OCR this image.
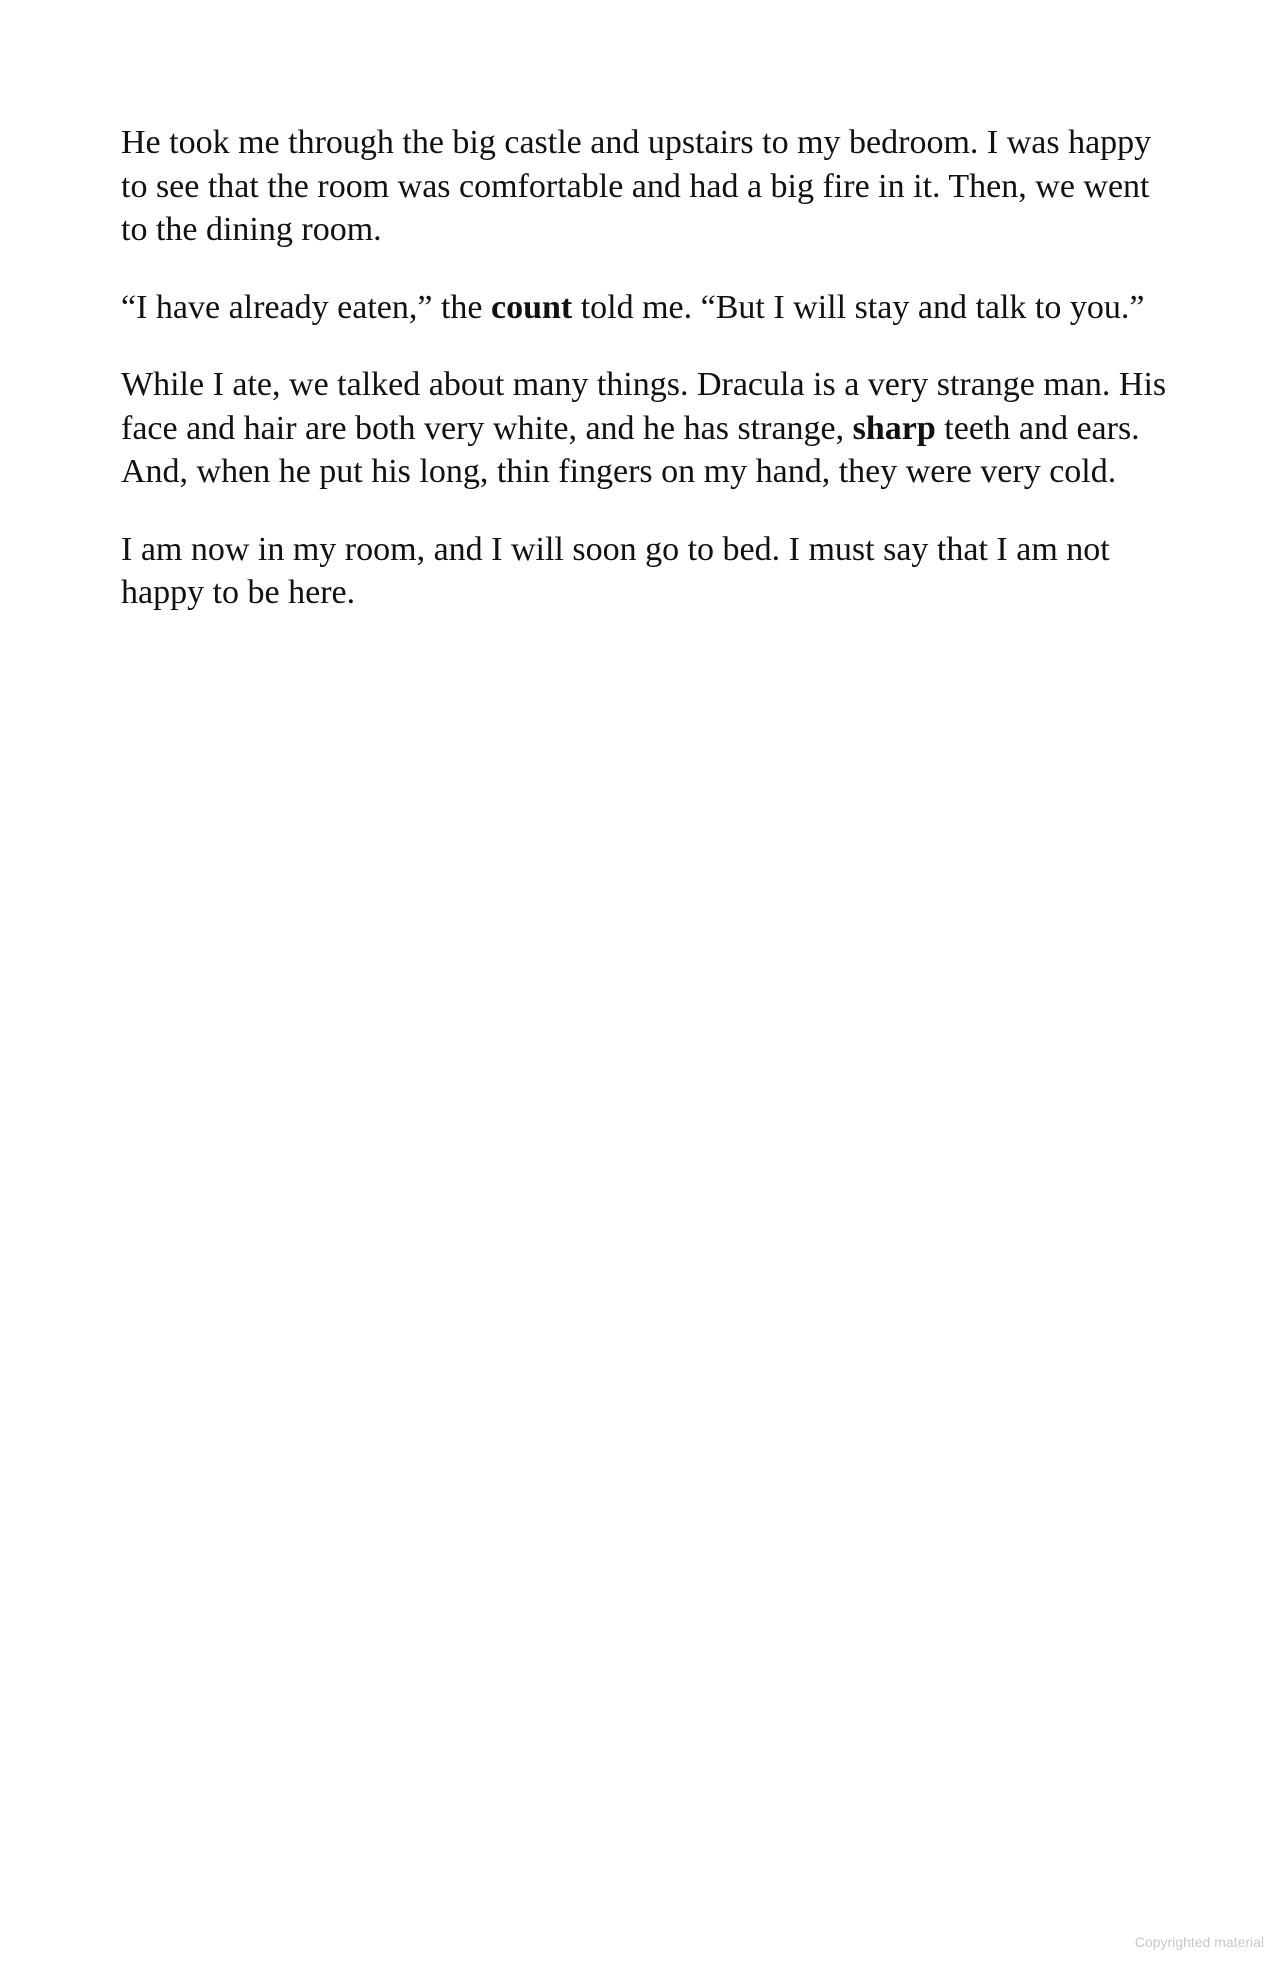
He took me through the big castle and upstairs to my bedroom. I was happy to see that the room was comfortable and had a big fire in it. Then, we went to the dining room.

“I have already eaten,” the count told me. “But I will stay and talk to you.”

While I ate, we talked about many things. Dracula is a very strange man. His face and hair are both very white, and he has strange, sharp teeth and ears. And, when he put his long, thin fingers on my hand, they were very cold.

I am now in my room, and I will soon go to bed. I must say that I am not happy to be here.

Copyrighted material
